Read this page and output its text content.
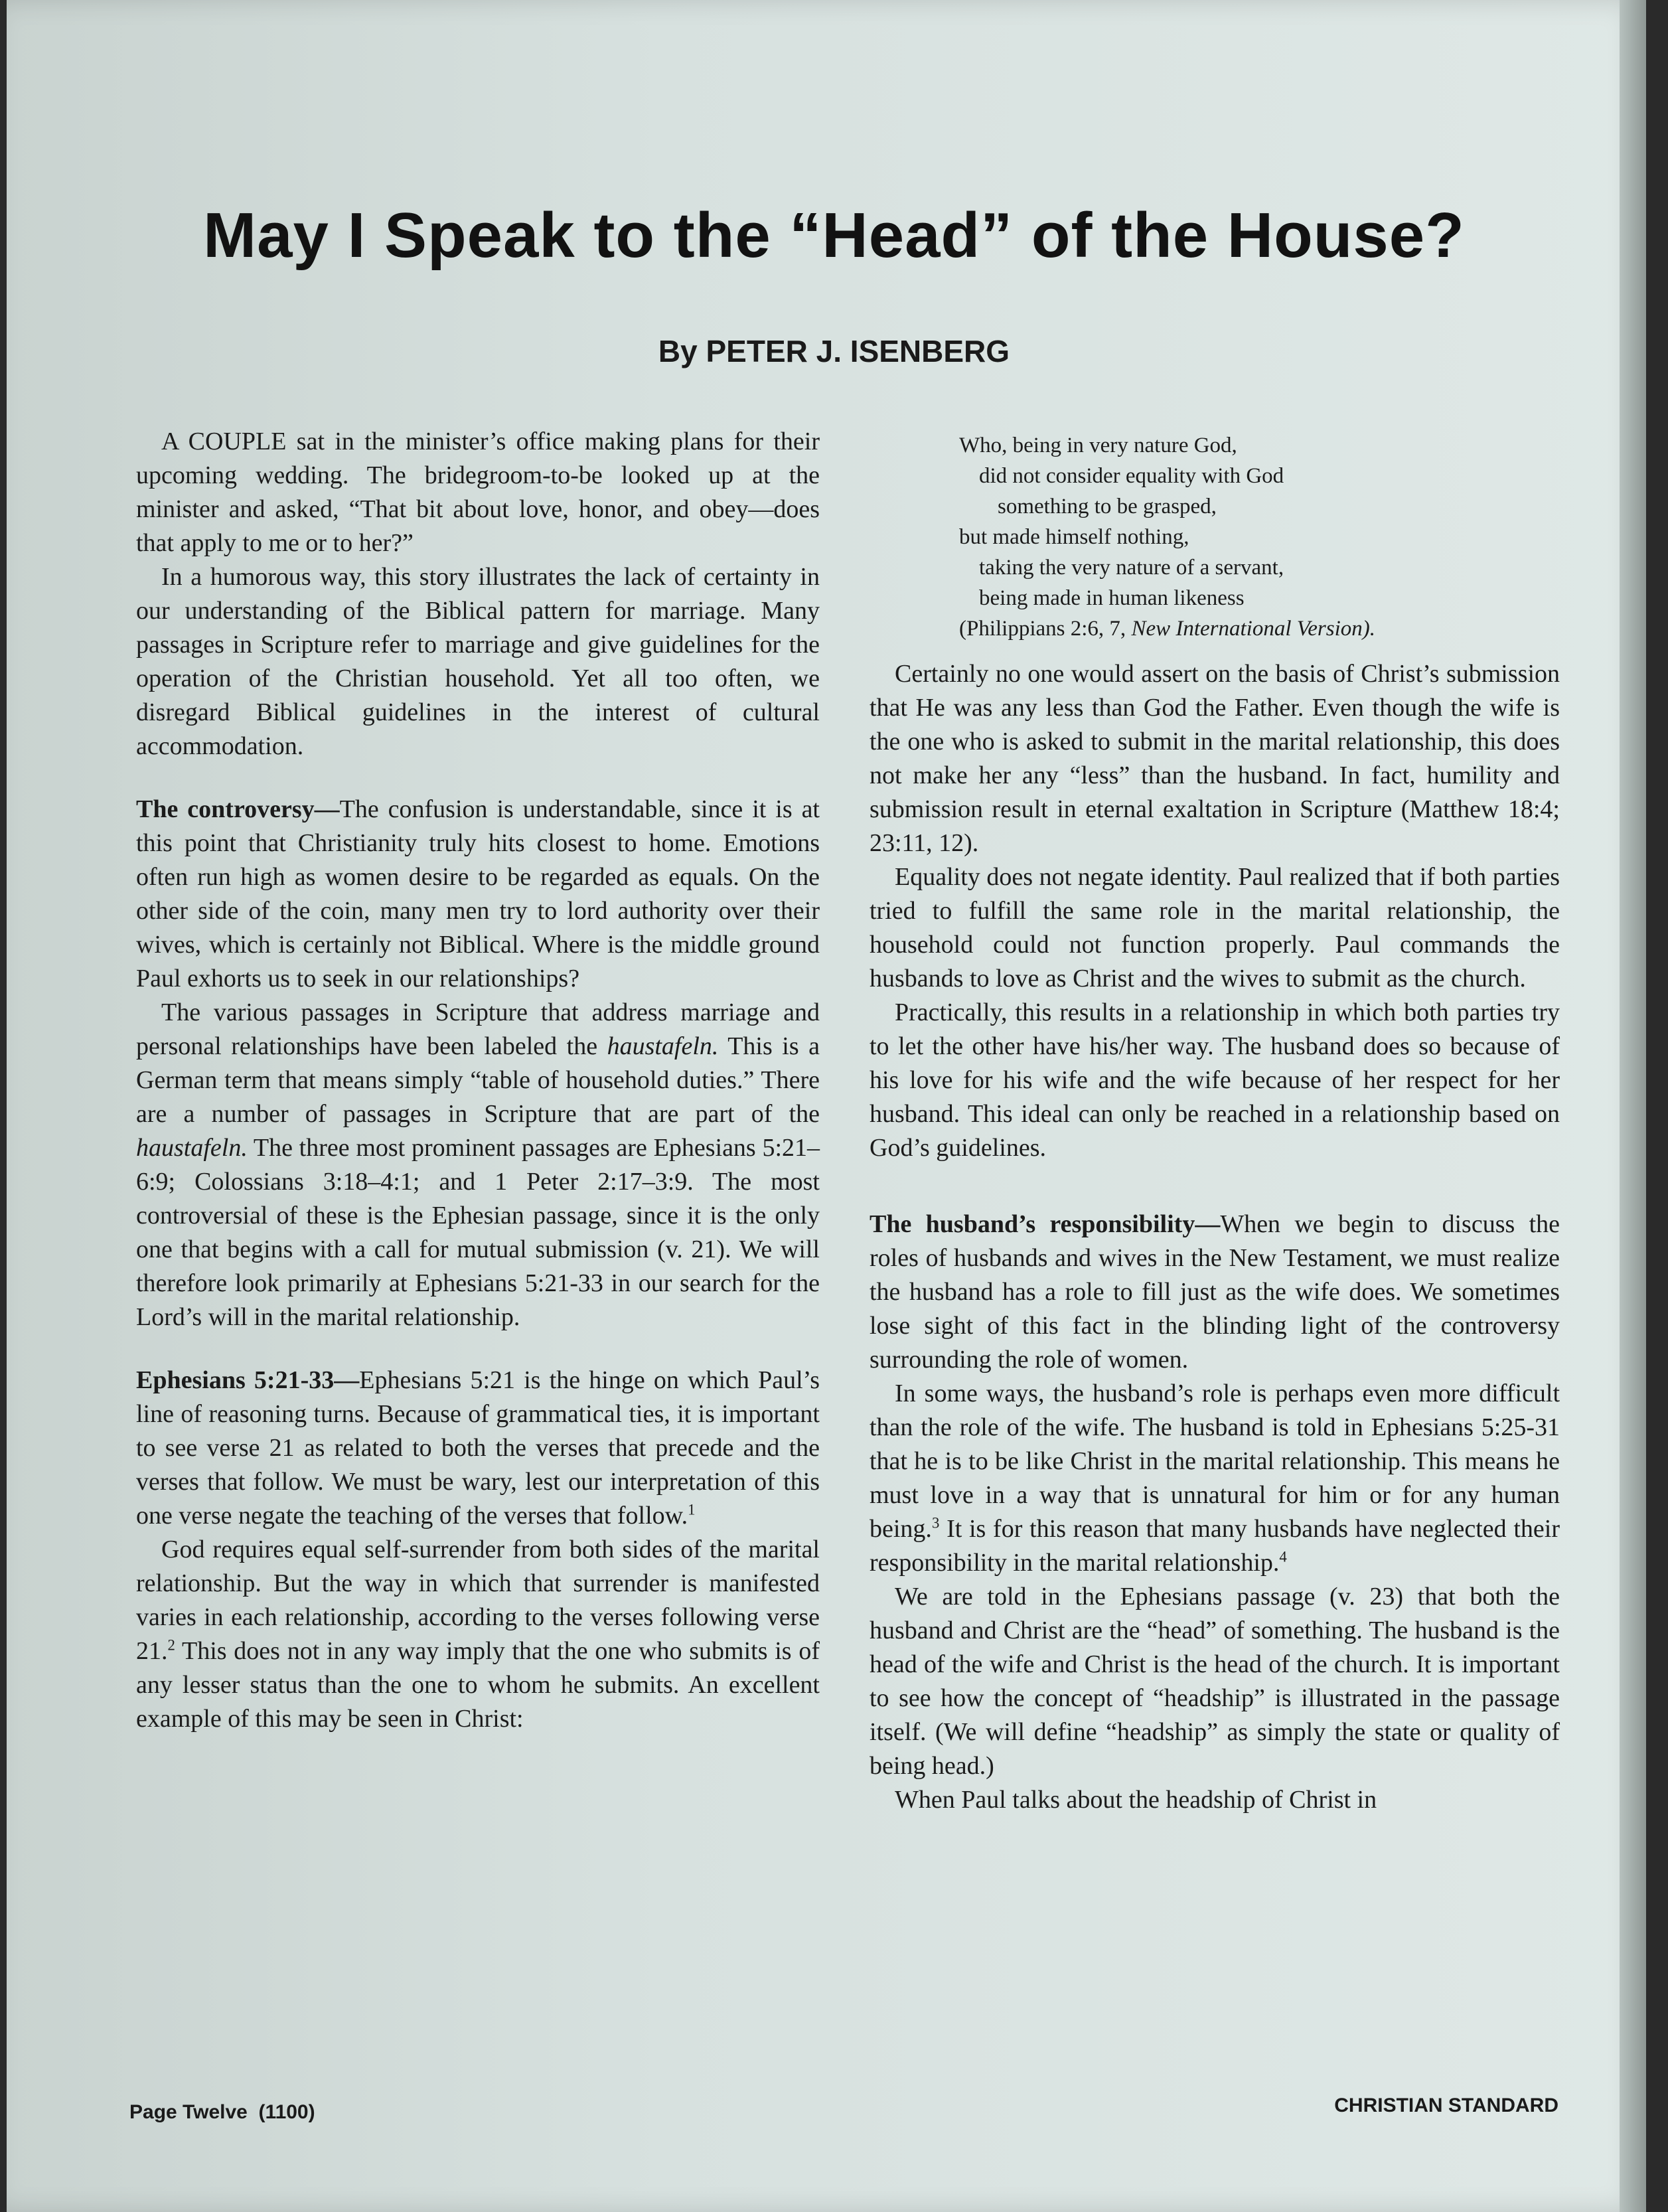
May I Speak to the “Head” of the House?
By PETER J. ISENBERG

A COUPLE sat in the minister’s office making plans for their upcoming wedding. The bridegroom-to-be looked up at the minister and asked, “That bit about love, honor, and obey—does that apply to me or to her?”

In a humorous way, this story illustrates the lack of certainty in our understanding of the Biblical pattern for marriage. Many passages in Scripture refer to marriage and give guidelines for the operation of the Christian household. Yet all too often, we disregard Biblical guidelines in the interest of cultural accommodation.

The controversy—The confusion is understandable, since it is at this point that Christianity truly hits closest to home. Emotions often run high as women desire to be regarded as equals. On the other side of the coin, many men try to lord authority over their wives, which is certainly not Biblical. Where is the middle ground Paul exhorts us to seek in our relationships?

The various passages in Scripture that address marriage and personal relationships have been labeled the haustafeln. This is a German term that means simply “table of household duties.” There are a number of passages in Scripture that are part of the haustafeln. The three most prominent passages are Ephesians 5:21–6:9; Colossians 3:18–4:1; and 1 Peter 2:17–3:9. The most controversial of these is the Ephesian passage, since it is the only one that begins with a call for mutual submission (v. 21). We will therefore look primarily at Ephesians 5:21-33 in our search for the Lord’s will in the marital relationship.

Ephesians 5:21-33—Ephesians 5:21 is the hinge on which Paul’s line of reasoning turns. Because of grammatical ties, it is important to see verse 21 as related to both the verses that precede and the verses that follow. We must be wary, lest our interpretation of this one verse negate the teaching of the verses that follow.$^1$

God requires equal self-surrender from both sides of the marital relationship. But the way in which that surrender is manifested varies in each relationship, according to the verses following verse 21.$^2$ This does not in any way imply that the one who submits is of any lesser status than the one to whom he submits. An excellent example of this may be seen in Christ:

Who, being in very nature God,
did not consider equality with God
something to be grasped,
but made himself nothing,
taking the very nature of a servant,
being made in human likeness
(Philippians 2:6, 7, New International Version).

Certainly no one would assert on the basis of Christ’s submission that He was any less than God the Father. Even though the wife is the one who is asked to submit in the marital relationship, this does not make her any “less” than the husband. In fact, humility and submission result in eternal exaltation in Scripture (Matthew 18:4; 23:11, 12).

Equality does not negate identity. Paul realized that if both parties tried to fulfill the same role in the marital relationship, the household could not function properly. Paul commands the husbands to love as Christ and the wives to submit as the church.

Practically, this results in a relationship in which both parties try to let the other have his/her way. The husband does so because of his love for his wife and the wife because of her respect for her husband. This ideal can only be reached in a relationship based on God’s guidelines.

The husband’s responsibility—When we begin to discuss the roles of husbands and wives in the New Testament, we must realize the husband has a role to fill just as the wife does. We sometimes lose sight of this fact in the blinding light of the controversy surrounding the role of women.

In some ways, the husband’s role is perhaps even more difficult than the role of the wife. The husband is told in Ephesians 5:25-31 that he is to be like Christ in the marital relationship. This means he must love in a way that is unnatural for him or for any human being.$^3$ It is for this reason that many husbands have neglected their responsibility in the marital relationship.$^4$

We are told in the Ephesians passage (v. 23) that both the husband and Christ are the “head” of something. The husband is the head of the wife and Christ is the head of the church. It is important to see how the concept of “headship” is illustrated in the passage itself. (We will define “headship” as simply the state or quality of being head.)

When Paul talks about the headship of Christ in

Page Twelve (1100)	CHRISTIAN STANDARD
